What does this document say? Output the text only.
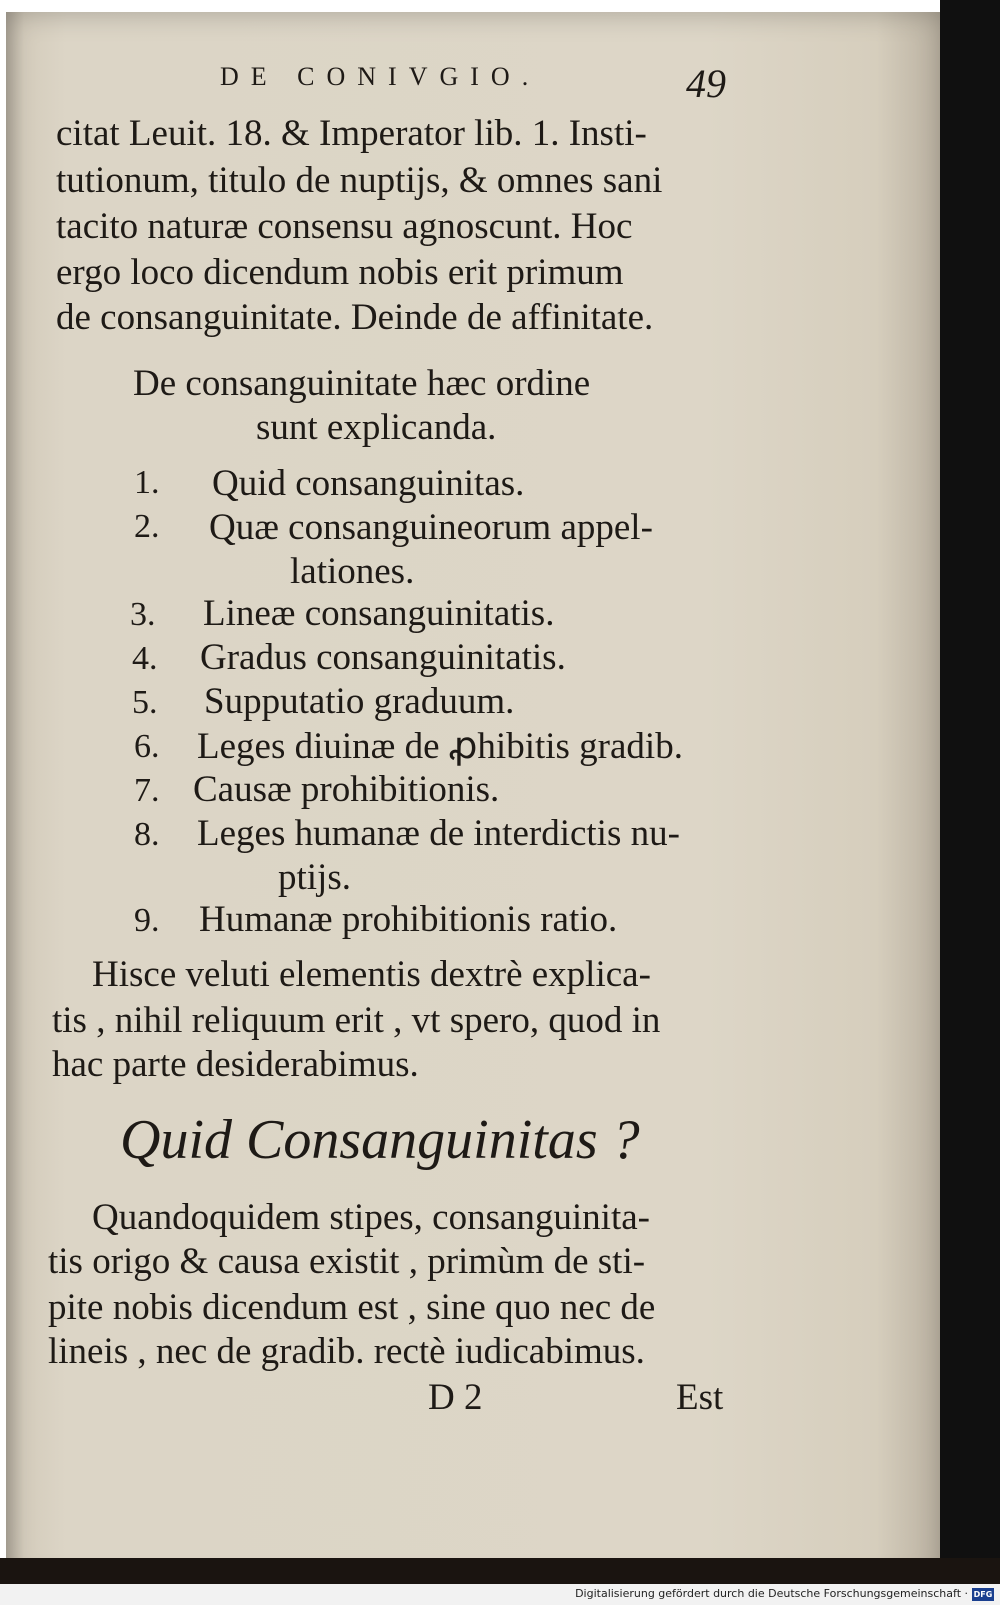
DE CONIVGIO.	49
citat Leuit. 18. & Imperator lib. 1. Insti-
tutionum, titulo de nuptijs, & omnes sani
tacito naturæ consensu agnoscunt. Hoc
ergo loco dicendum nobis erit primum
de consanguinitate. Deinde de affinitate.
De consanguinitate hæc ordine
sunt explicanda.
1. Quid consanguinitas.
2. Quæ consanguineorum appel-
lationes.
3. Lineæ consanguinitatis.
4. Gradus consanguinitatis.
5. Supputatio graduum.
6. Leges diuinæ de ꝓhibitis gradib.
7. Causæ prohibitionis.
8. Leges humanæ de interdictis nu-
ptijs.
9. Humanæ prohibitionis ratio.
Hisce veluti elementis dextrè explica-
tis , nihil reliquum erit , vt spero, quod in
hac parte desiderabimus.
Quid Consanguinitas ?
Quandoquidem stipes, consanguinita-
tis origo & causa existit , primùm de sti-
pite nobis dicendum est , sine quo nec de
lineis , nec de gradib. rectè iudicabimus.
D 2	Est
Digitalisierung gefördert durch die Deutsche Forschungsgemeinschaft · DFG
